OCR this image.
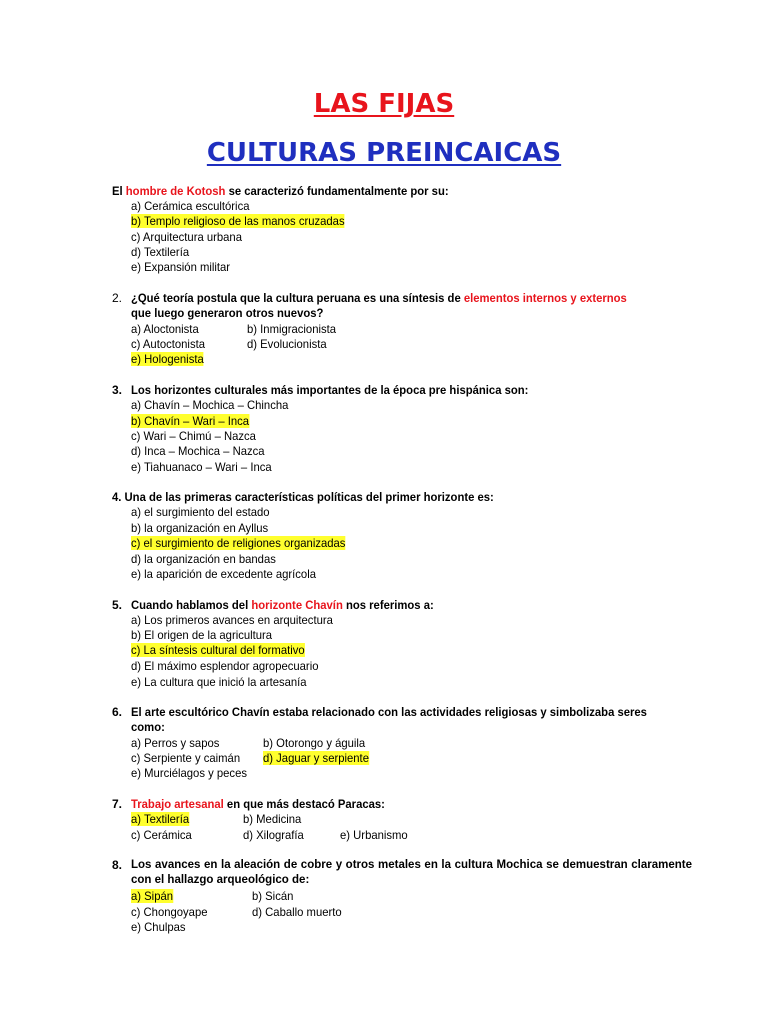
LAS FIJAS
CULTURAS PREINCAICAS
El hombre de Kotosh se caracterizó fundamentalmente por su:
a) Cerámica escultórica
b) Templo religioso de las manos cruzadas
c) Arquitectura urbana
d) Textilería
e) Expansión militar
2. ¿Qué teoría postula que la cultura peruana es una síntesis de elementos internos y externos
que luego generaron otros nuevos?
a) Aloctonista	b) Inmigracionista
c) Autoctonista	d) Evolucionista
e) Hologenista
3. Los horizontes culturales más importantes de la época pre hispánica son:
a) Chavín – Mochica – Chincha
b) Chavín – Wari – Inca
c) Wari – Chimú – Nazca
d) Inca – Mochica – Nazca
e) Tiahuanaco – Wari – Inca
4. Una de las primeras características políticas del primer horizonte es:
a) el surgimiento del estado
b) la organización en Ayllus
c) el surgimiento de religiones organizadas
d) la organización en bandas
e) la aparición de excedente agrícola
5. Cuando hablamos del horizonte Chavín nos referimos a:
a) Los primeros avances en arquitectura
b) El origen de la agricultura
c) La síntesis cultural del formativo
d) El máximo esplendor agropecuario
e) La cultura que inició la artesanía
6. El arte escultórico Chavín estaba relacionado con las actividades religiosas y simbolizaba seres
como:
a) Perros y sapos	b) Otorongo y águila
c) Serpiente y caimán d) Jaguar y serpiente
e) Murciélagos y peces
7. Trabajo artesanal en que más destacó Paracas:
a) Textilería	b) Medicina
c) Cerámica	d) Xilografía	e) Urbanismo
8. Los avances en la aleación de cobre y otros metales en la cultura Mochica se demuestran claramente con el hallazgo arqueológico de:
a) Sipán	b) Sicán
c) Chongoyape	d) Caballo muerto
e) Chulpas
